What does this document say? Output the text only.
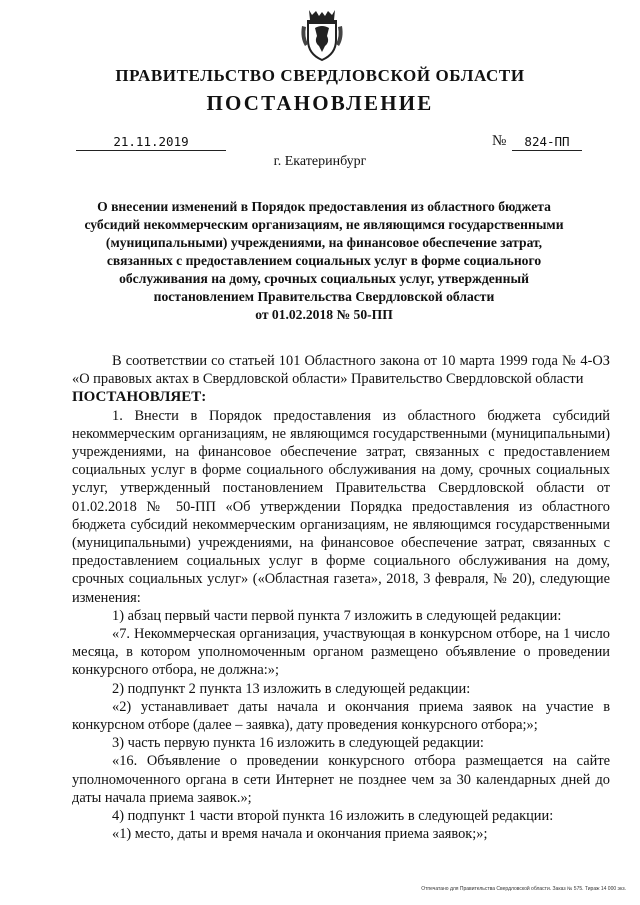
ПРАВИТЕЛЬСТВО СВЕРДЛОВСКОЙ ОБЛАСТИ
ПОСТАНОВЛЕНИЕ
21.11.2019	№	824-ПП
г. Екатеринбург
О внесении изменений в Порядок предоставления из областного бюджета
субсидий некоммерческим организациям, не являющимся государственными
(муниципальными) учреждениями, на финансовое обеспечение затрат,
связанных с предоставлением социальных услуг в форме социального
обслуживания на дому, срочных социальных услуг, утвержденный
постановлением Правительства Свердловской области
от 01.02.2018 № 50-ПП

В соответствии со статьей 101 Областного закона от 10 марта 1999 года № 4-ОЗ «О правовых актах в Свердловской области» Правительство Свердловской области

ПОСТАНОВЛЯЕТ:

1. Внести в Порядок предоставления из областного бюджета субсидий некоммерческим организациям, не являющимся государственными (муниципальными) учреждениями, на финансовое обеспечение затрат, связанных с предоставлением социальных услуг в форме социального обслуживания на дому, срочных социальных услуг, утвержденный постановлением Правительства Свердловской области от 01.02.2018 № 50-ПП «Об утверждении Порядка предоставления из областного бюджета субсидий некоммерческим организациям, не являющимся государственными (муниципальными) учреждениями, на финансовое обеспечение затрат, связанных с предоставлением социальных услуг в форме социального обслуживания на дому, срочных социальных услуг» («Областная газета», 2018, 3 февраля, № 20), следующие изменения:

1) абзац первый части первой пункта 7 изложить в следующей редакции:

«7. Некоммерческая организация, участвующая в конкурсном отборе, на 1 число месяца, в котором уполномоченным органом размещено объявление о проведении конкурсного отбора, не должна:»;

2) подпункт 2 пункта 13 изложить в следующей редакции:

«2) устанавливает даты начала и окончания приема заявок на участие в конкурсном отборе (далее – заявка), дату проведения конкурсного отбора;»;

3) часть первую пункта 16 изложить в следующей редакции:

«16. Объявление о проведении конкурсного отбора размещается на сайте уполномоченного органа в сети Интернет не позднее чем за 30 календарных дней до даты начала приема заявок.»;

4) подпункт 1 части второй пункта 16 изложить в следующей редакции:

«1) место, даты и время начала и окончания приема заявок;»;

Отпечатано для Правительства Свердловской области. Заказ № 575. Тираж 14 000 экз.
